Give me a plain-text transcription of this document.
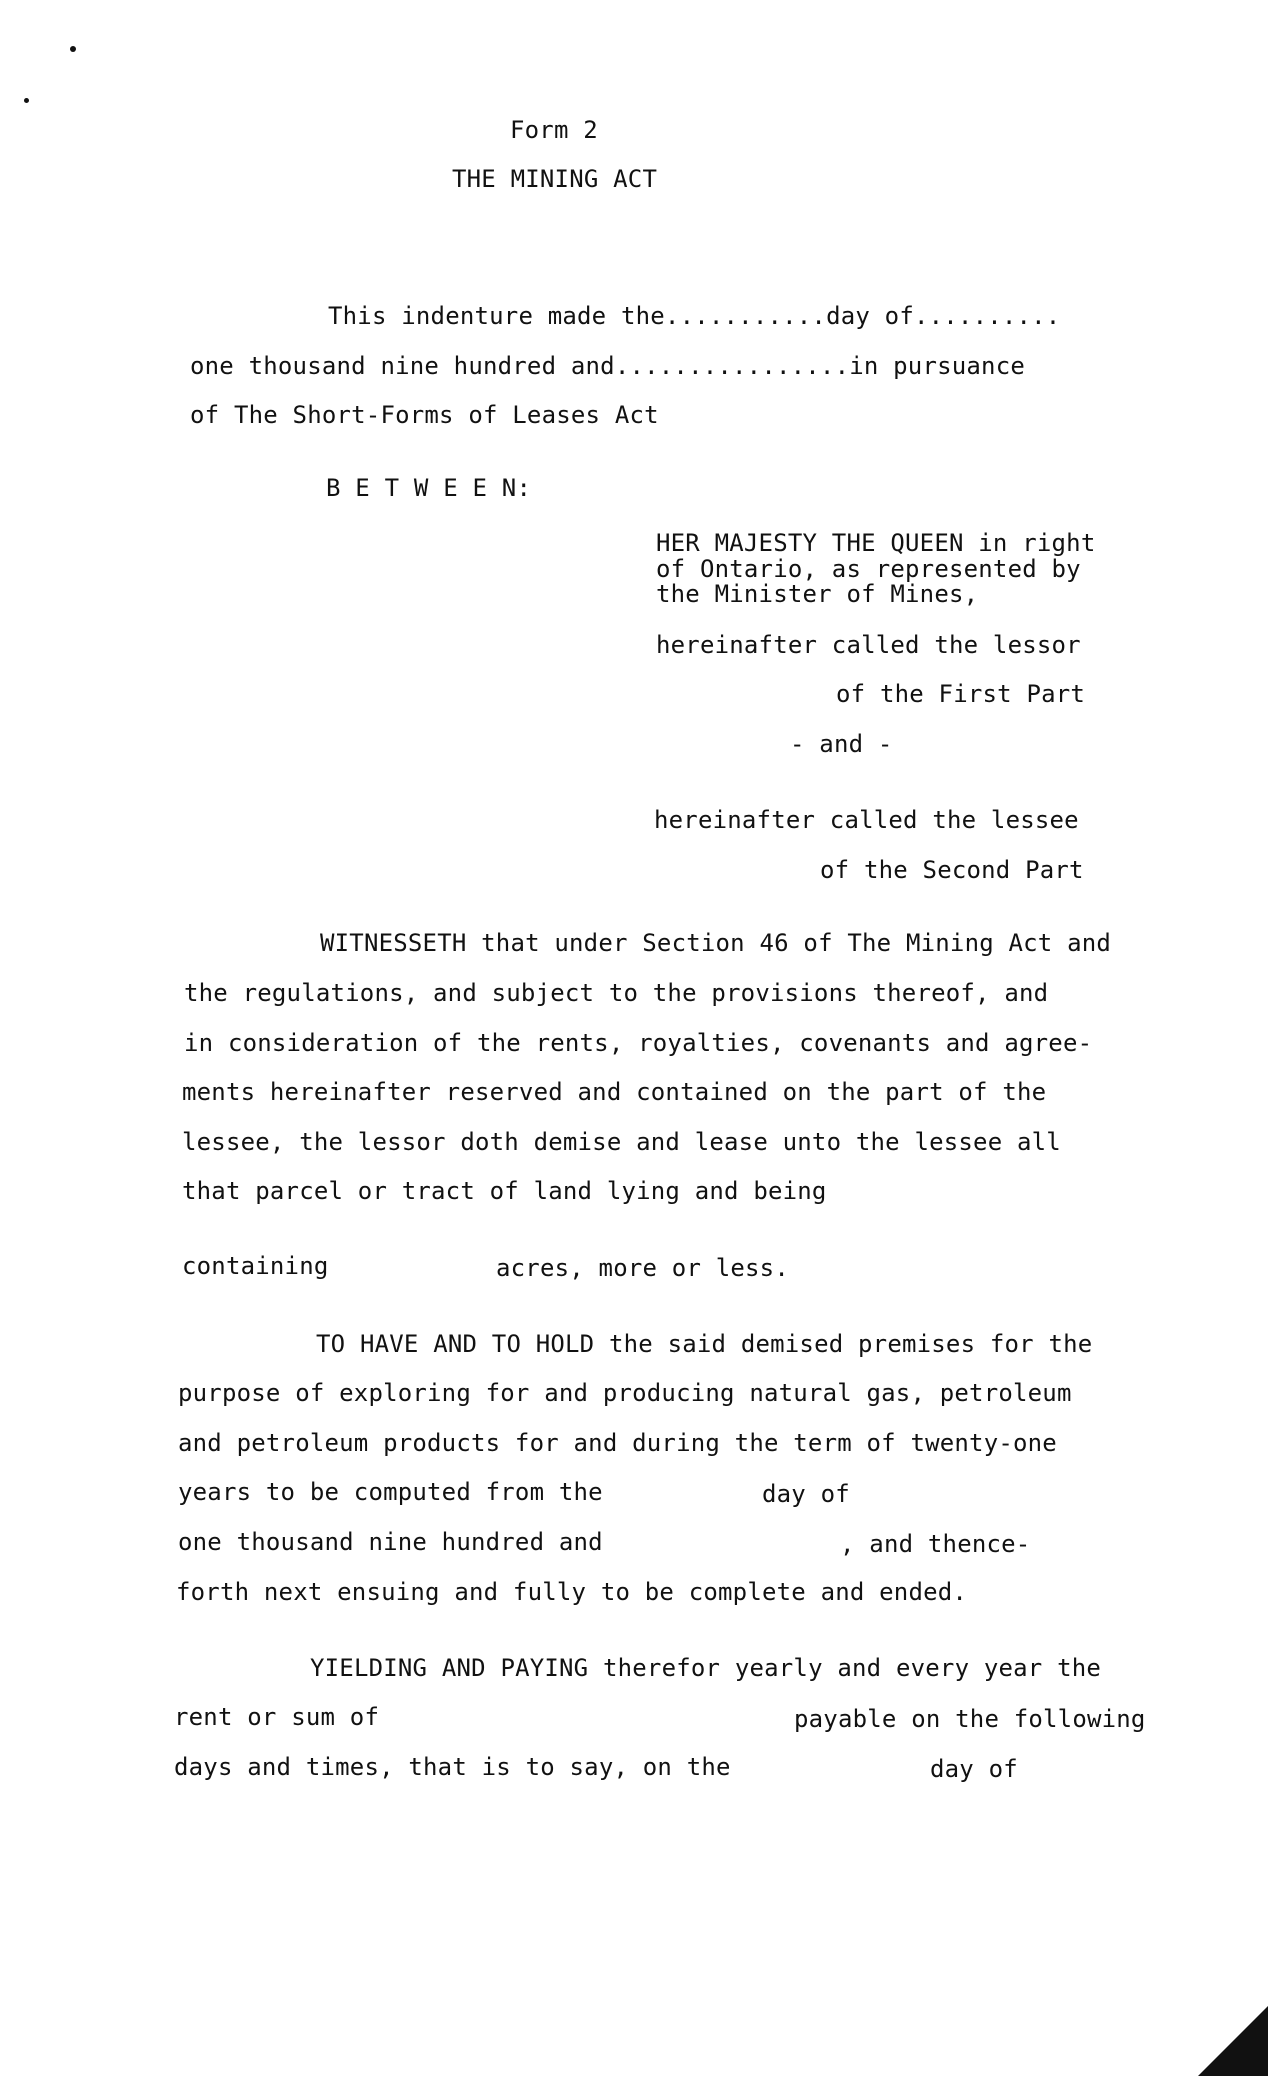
Form 2
THE MINING ACT
This indenture made the...........day of..........
one thousand nine hundred and................in pursuance
of The Short-Forms of Leases Act
B E T W E E N:
HER MAJESTY THE QUEEN in right
of Ontario, as represented by
the Minister of Mines,
hereinafter called the lessor
of the First Part
- and -
hereinafter called the lessee
of the Second Part
WITNESSETH that under Section 46 of The Mining Act and
the regulations, and subject to the provisions thereof, and
in consideration of the rents, royalties, covenants and agree-
ments hereinafter reserved and contained on the part of the
lessee, the lessor doth demise and lease unto the lessee all
that parcel or tract of land lying and being
containing	acres, more or less.
TO HAVE AND TO HOLD the said demised premises for the
purpose of exploring for and producing natural gas, petroleum
and petroleum products for and during the term of twenty-one
years to be computed from the	day of
one thousand nine hundred and	, and thence-
forth next ensuing and fully to be complete and ended.
YIELDING AND PAYING therefor yearly and every year the
rent or sum of	payable on the following
days and times, that is to say, on the	day of
